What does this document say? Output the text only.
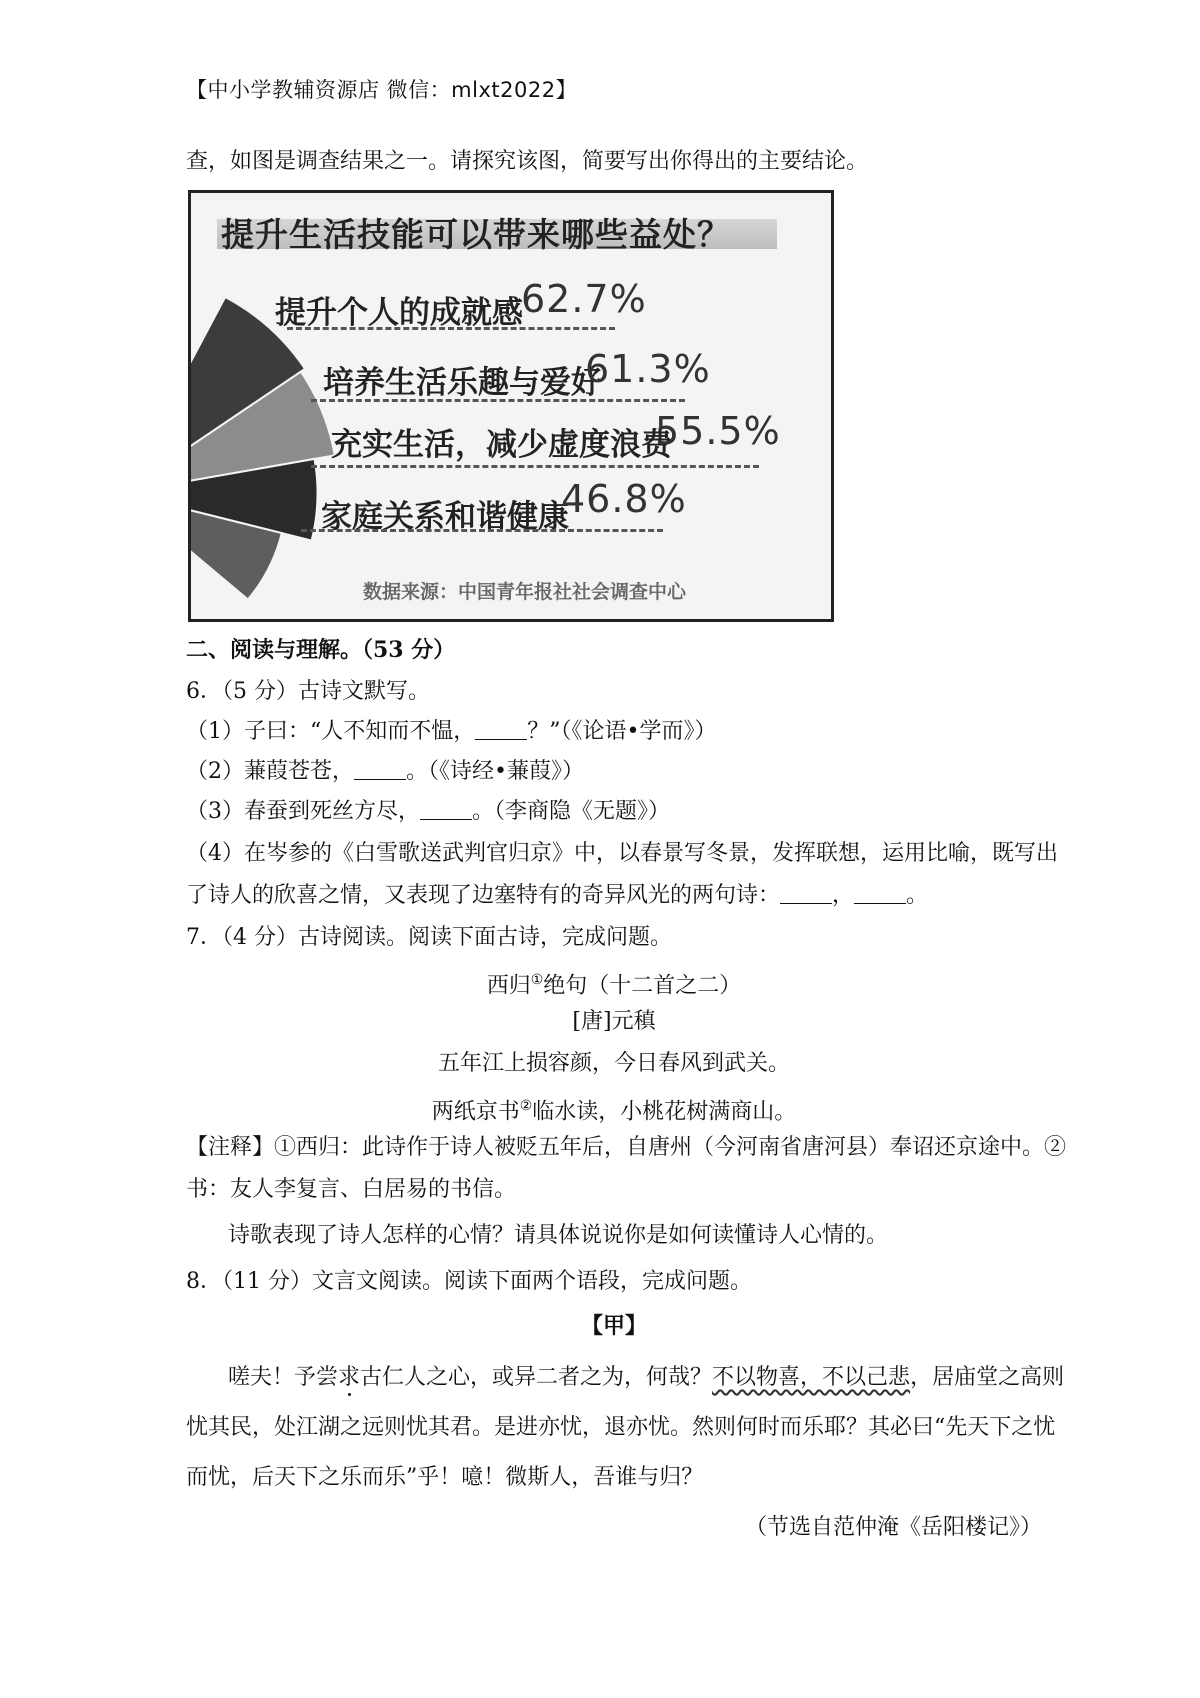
【中小学教辅资源店 微信：mlxt2022】
查，如图是调查结果之一。请探究该图，简要写出你得出的主要结论。
提升生活技能可以带来哪些益处？
提升个人的成就感
62.7%
培养生活乐趣与爱好
61.3%
充实生活，减少虚度浪费
55.5%
家庭关系和谐健康
46.8%
数据来源：中国青年报社社会调查中心
二、阅读与理解。（53 分）
6．（5 分）古诗文默写。
（1）子曰：“人不知而不愠， ？”（《论语•学而》）
（2）蒹葭苍苍， 。（《诗经•蒹葭》）
（3）春蚕到死丝方尽， 。（李商隐《无题》）
（4）在岑参的《白雪歌送武判官归京》中，以春景写冬景，发挥联想，运用比喻，既写出
了诗人的欣喜之情，又表现了边塞特有的奇异风光的两句诗： ， 。
7．（4 分）古诗阅读。阅读下面古诗，完成问题。
西归①绝句（十二首之二）
[唐]元稹
五年江上损容颜，今日春风到武关。
两纸京书②临水读，小桃花树满商山。
【注释】①西归：此诗作于诗人被贬五年后，自唐州（今河南省唐河县）奉诏还京途中。②
书：友人李复言、白居易的书信。
诗歌表现了诗人怎样的心情？请具体说说你是如何读懂诗人心情的。
8．（11 分）文言文阅读。阅读下面两个语段，完成问题。
【甲】
嗟夫！予尝求古仁人之心，或异二者之为，何哉？不以物喜，不以己悲，居庙堂之高则
忧其民，处江湖之远则忧其君。是进亦忧，退亦忧。然则何时而乐耶？其必曰“先天下之忧
而忧，后天下之乐而乐”乎！噫！微斯人，吾谁与归？
（节选自范仲淹《岳阳楼记》）
